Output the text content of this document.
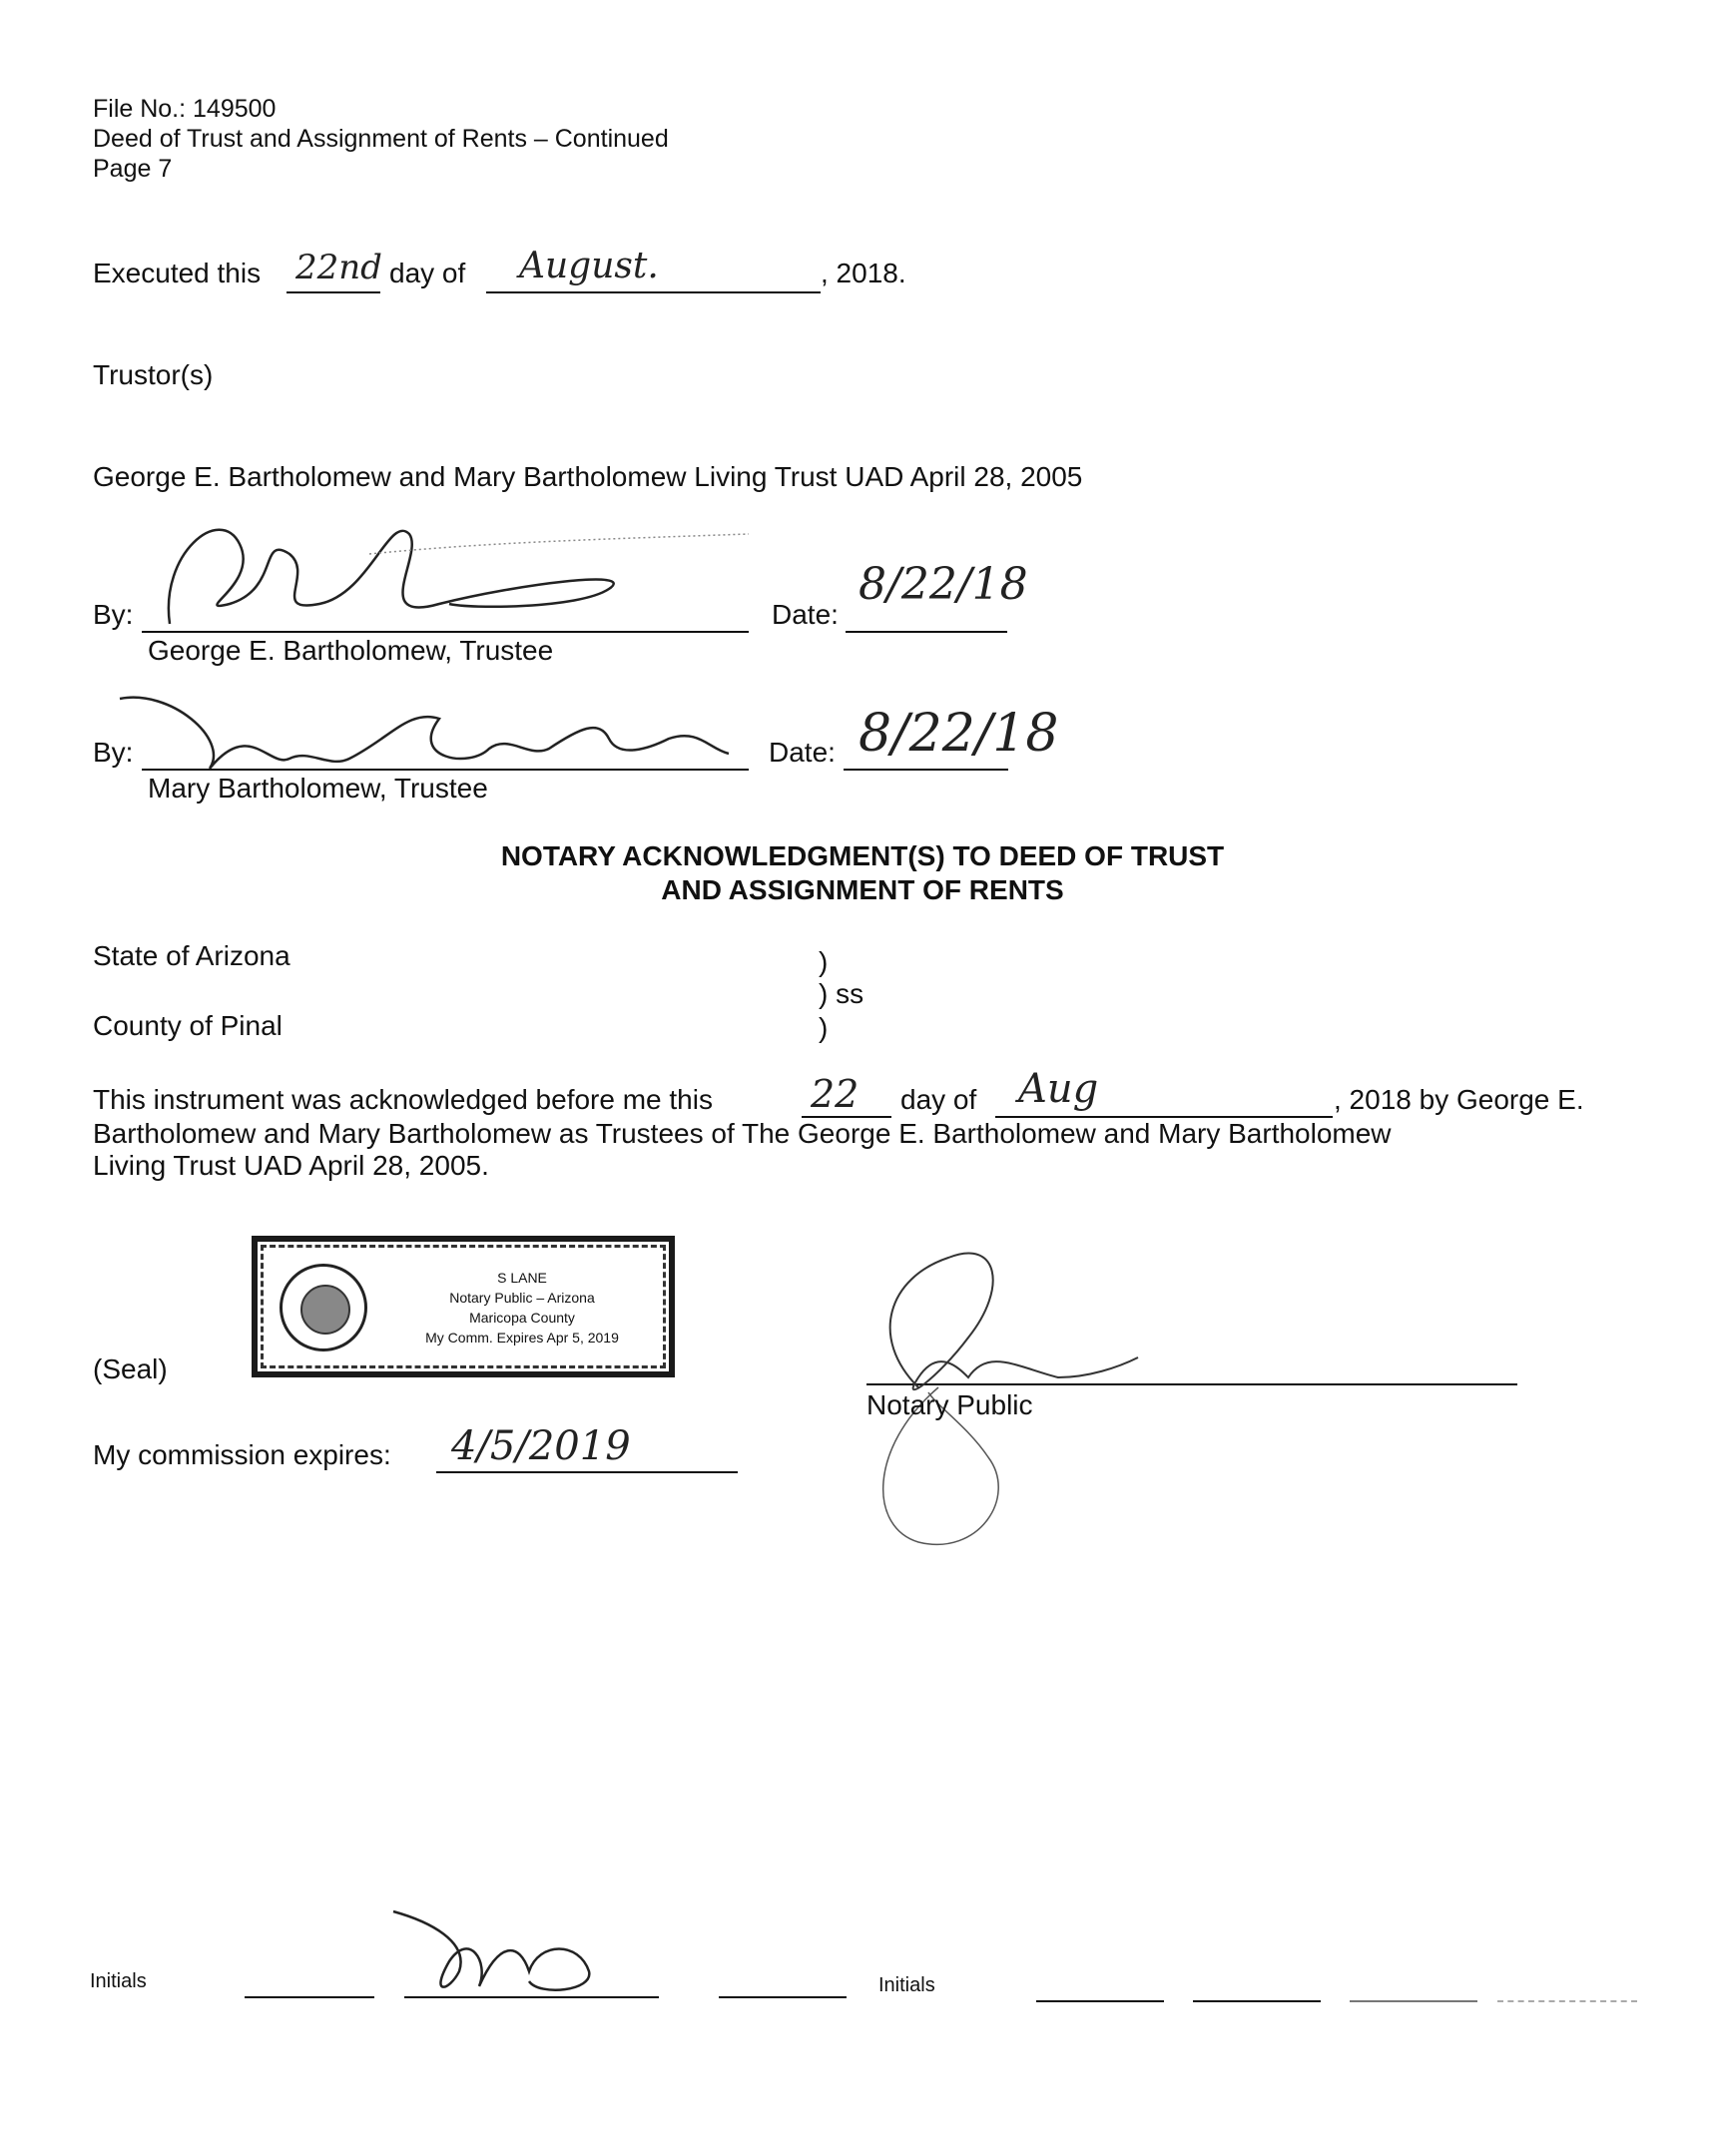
File No.: 149500
Deed of Trust and Assignment of Rents – Continued
Page 7
Executed this 22nd day of August.	, 2018.
Trustor(s)
George E. Bartholomew and Mary Bartholomew Living Trust UAD April 28, 2005
By:	Date:
8/22/18
George E. Bartholomew, Trustee
By:	Date: 8/22/18
Mary Bartholomew, Trustee
NOTARY ACKNOWLEDGMENT(S) TO DEED OF TRUST
AND ASSIGNMENT OF RENTS
State of Arizona
County of Pinal
)
) ss
)
This instrument was acknowledged before me this	22 day of Aug	, 2018 by George E.
Bartholomew and Mary Bartholomew as Trustees of The George E. Bartholomew and Mary Bartholomew
Living Trust UAD April 28, 2005.
(Seal)
S LANE
Notary Public – Arizona
Maricopa County
My Comm. Expires Apr 5, 2019
My commission expires: 4/5/2019
Notary Public
Initials	Initials
